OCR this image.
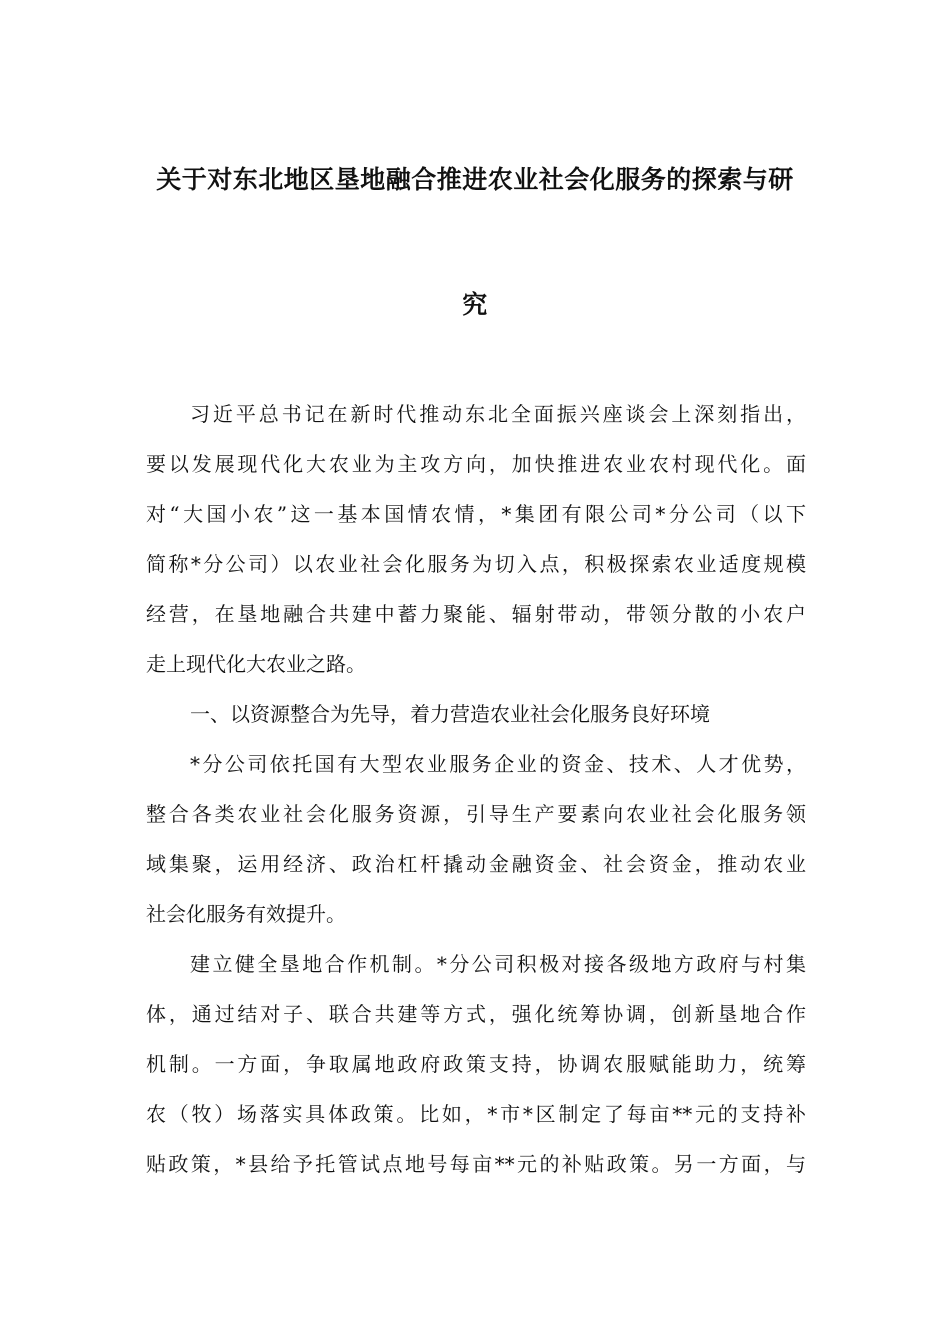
关于对东北地区垦地融合推进农业社会化服务的探索与研
究
习近平总书记在新时代推动东北全面振兴座谈会上深刻指出，
要以发展现代化大农业为主攻方向，加快推进农业农村现代化。面
对“大国小农”这一基本国情农情，*集团有限公司*分公司（以下
简称*分公司）以农业社会化服务为切入点，积极探索农业适度规模
经营，在垦地融合共建中蓄力聚能、辐射带动，带领分散的小农户
走上现代化大农业之路。
一、以资源整合为先导，着力营造农业社会化服务良好环境
*分公司依托国有大型农业服务企业的资金、技术、人才优势，
整合各类农业社会化服务资源，引导生产要素向农业社会化服务领
域集聚，运用经济、政治杠杆撬动金融资金、社会资金，推动农业
社会化服务有效提升。
建立健全垦地合作机制。*分公司积极对接各级地方政府与村集
体，通过结对子、联合共建等方式，强化统筹协调，创新垦地合作
机制。一方面，争取属地政府政策支持，协调农服赋能助力，统筹
农（牧）场落实具体政策。比如，*市*区制定了每亩**元的支持补
贴政策，*县给予托管试点地号每亩**元的补贴政策。另一方面，与
